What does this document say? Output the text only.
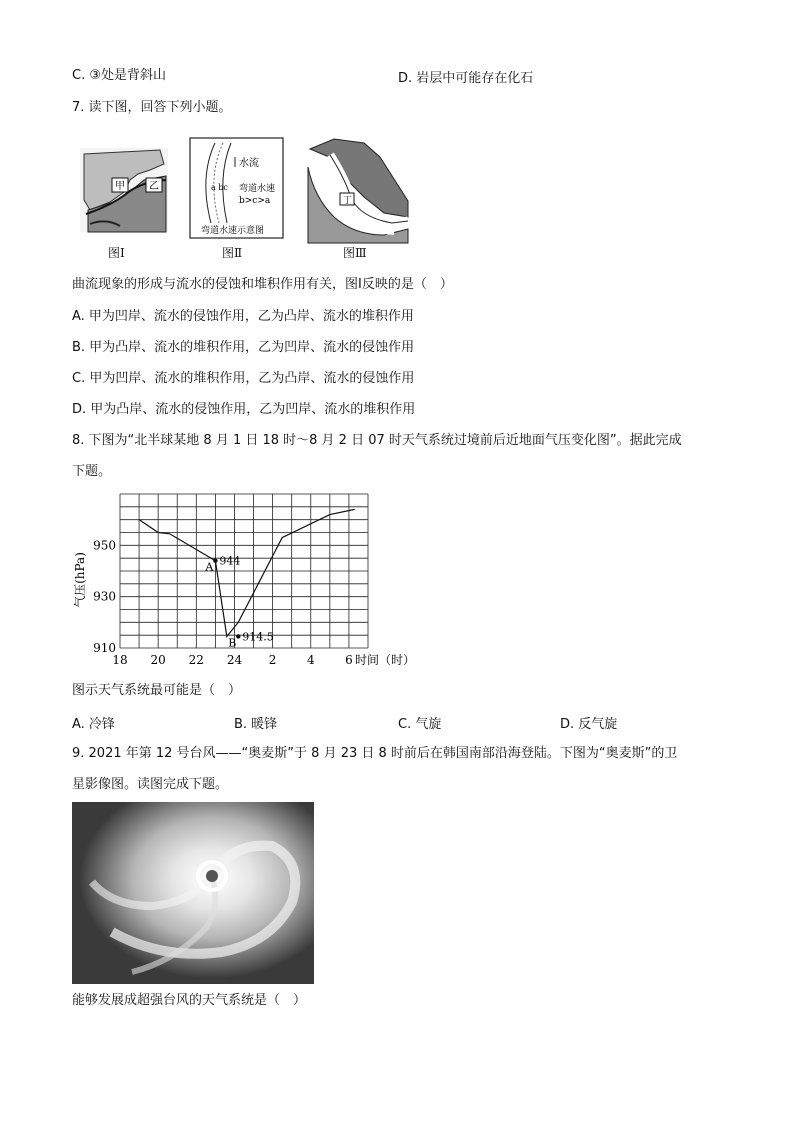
C. ③处是背斜山	D. 岩层中可能存在化石
7. 读下图，回答下列小题。
甲 乙
图Ⅰ
水流
a bc 弯道水速
b>c>a
弯道水速示意图
图Ⅱ
丁
图Ⅲ
曲流现象的形成与流水的侵蚀和堆积作用有关，图Ⅰ反映的是（　）
A. 甲为凹岸、流水的侵蚀作用，乙为凸岸、流水的堆积作用
B. 甲为凸岸、流水的堆积作用，乙为凹岸、流水的侵蚀作用
C. 甲为凹岸、流水的堆积作用，乙为凸岸、流水的侵蚀作用
D. 甲为凸岸、流水的侵蚀作用，乙为凹岸、流水的堆积作用
8. 下图为“北半球某地 8 月 1 日 18 时～8 月 2 日 07 时天气系统过境前后近地面气压变化图”。据此完成
下题。
910
930
950
18 20 22 24 2	4	6
A 944
B 914.5
气压(hPa)
时间（时）
图示天气系统最可能是（　）
A. 冷锋	B. 暖锋	C. 气旋	D. 反气旋
9. 2021 年第 12 号台风——“奥麦斯”于 8 月 23 日 8 时前后在韩国南部沿海登陆。下图为“奥麦斯”的卫
星影像图。读图完成下题。
能够发展成超强台风的天气系统是（　）
